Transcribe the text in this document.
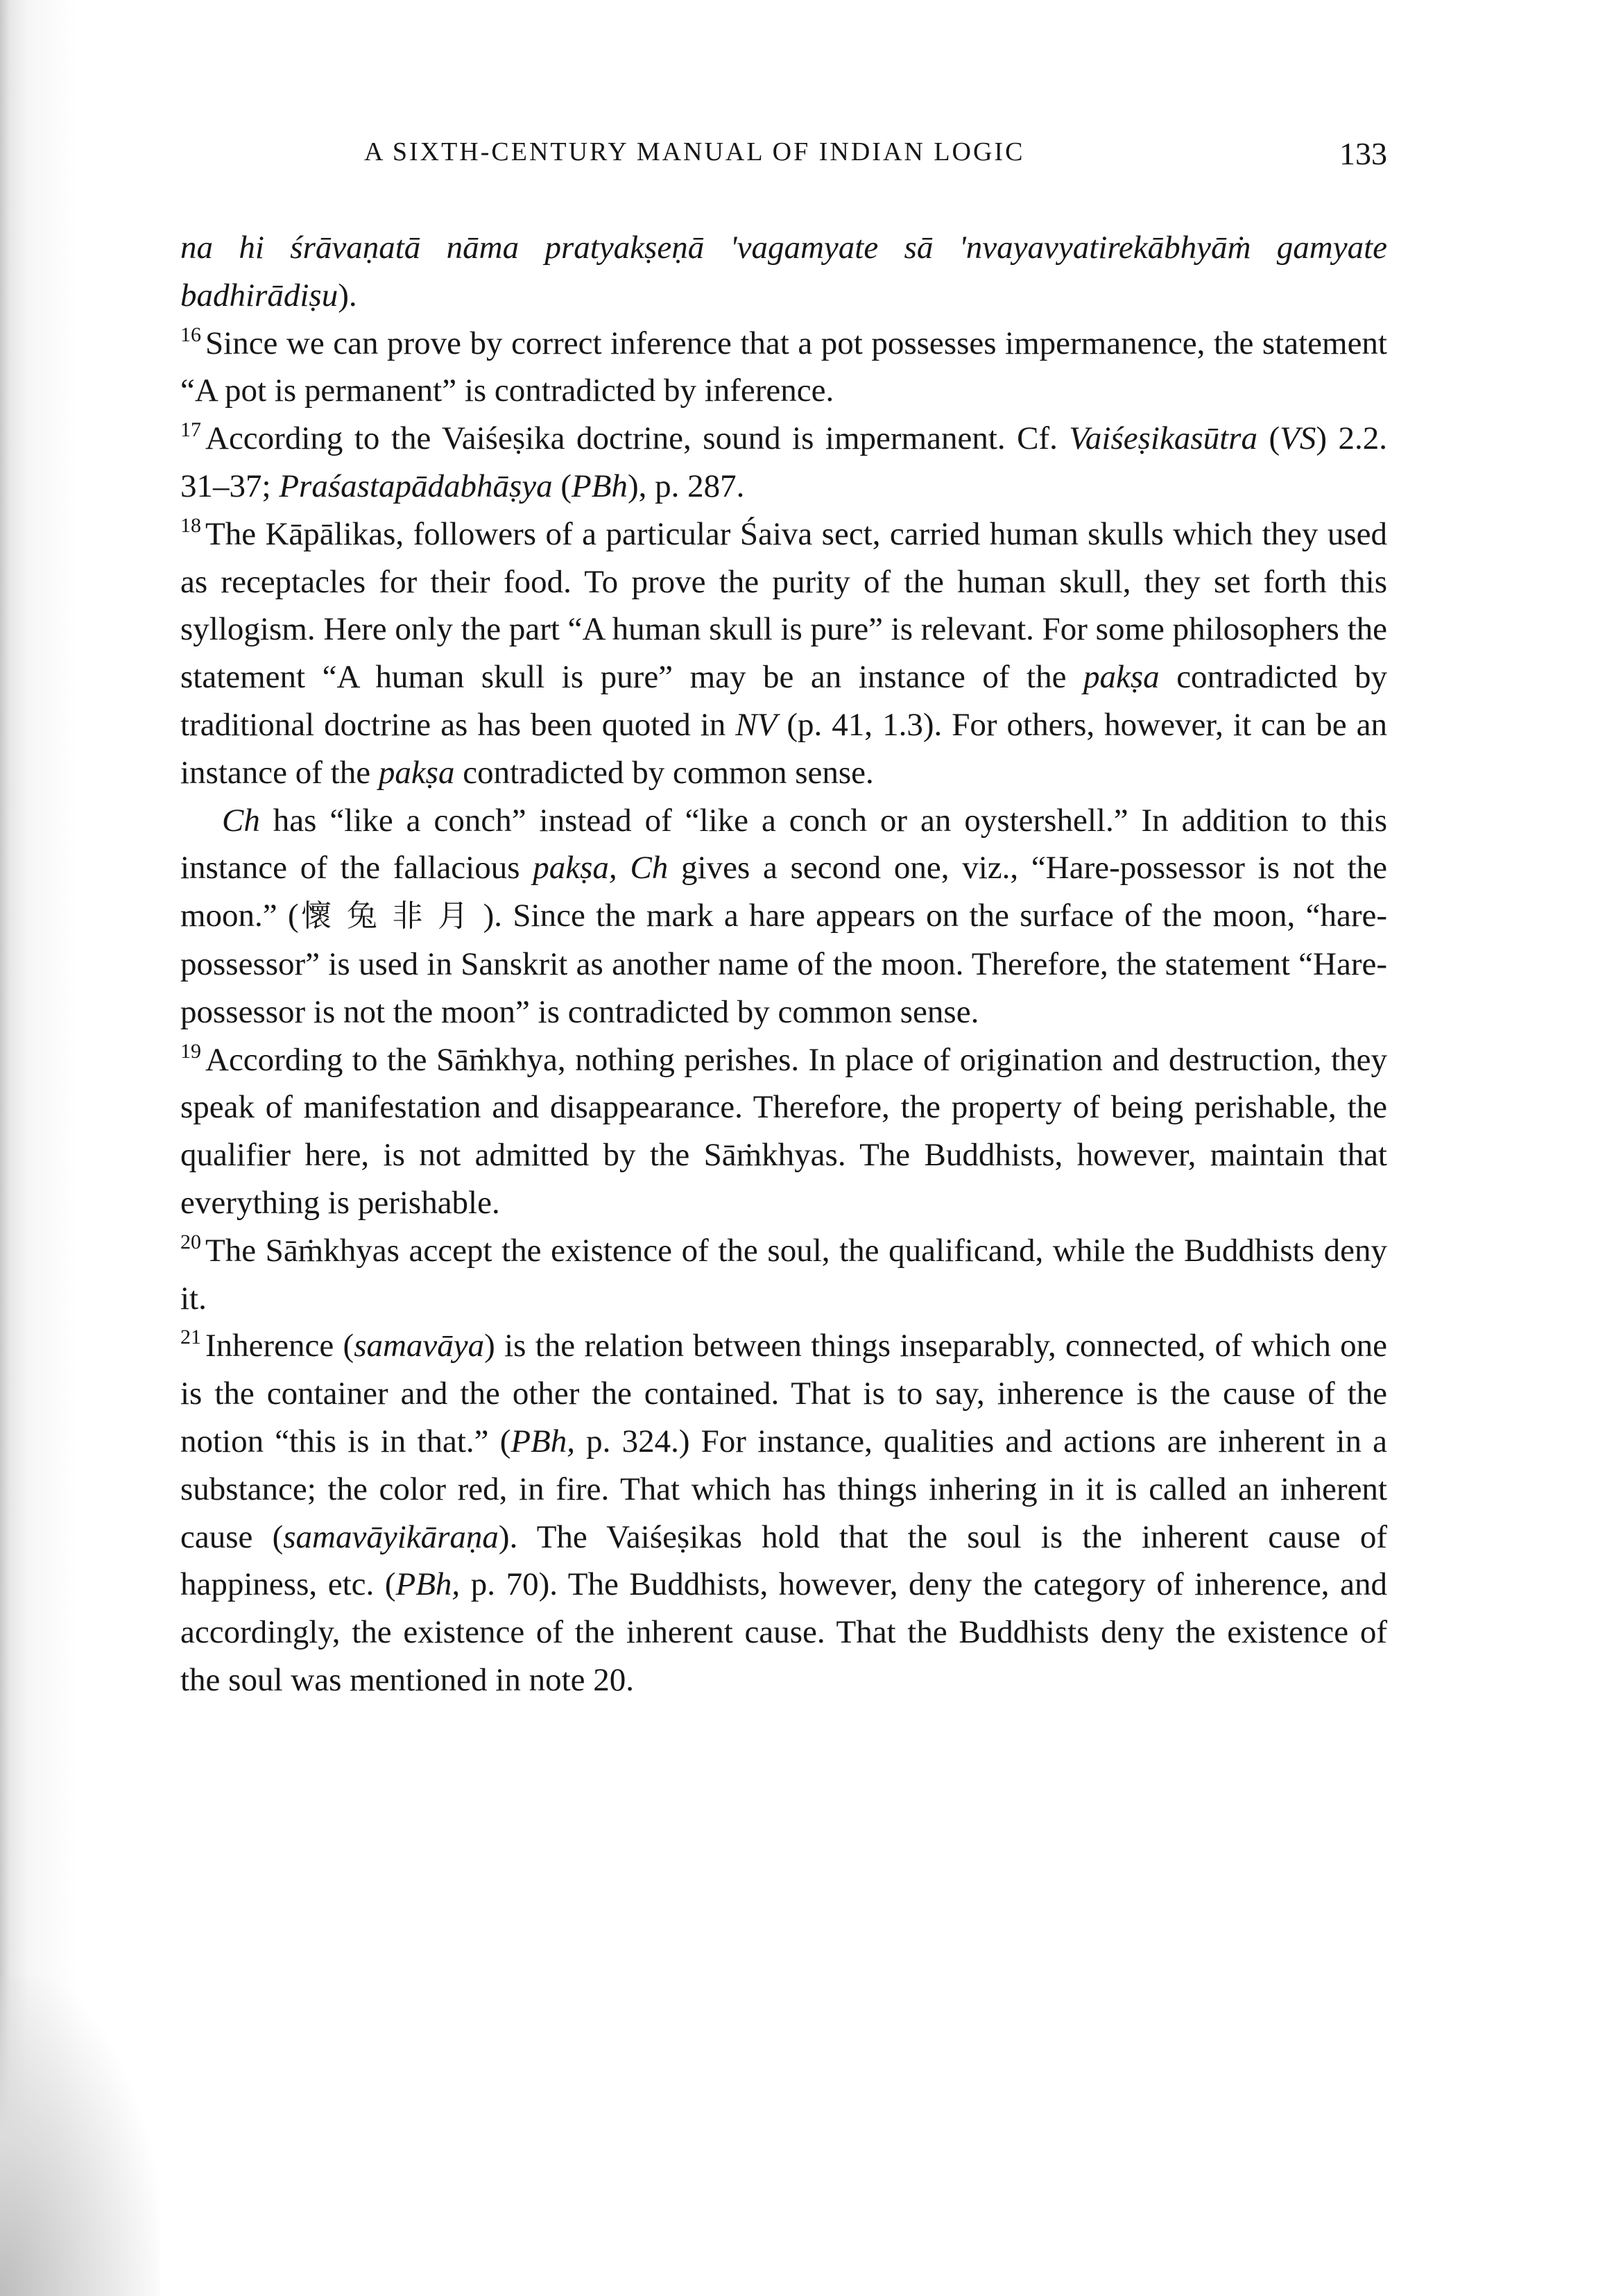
A SIXTH-CENTURY MANUAL OF INDIAN LOGIC	133

na hi śrāvaṇatā nāma pratyakṣeṇā 'vagamyate sā 'nvayavyatirekābhyāṁ gamyate badhirādiṣu).

$^{16}$ Since we can prove by correct inference that a pot possesses impermanence, the statement “A pot is permanent” is contradicted by inference.

$^{17}$ According to the Vaiśeṣika doctrine, sound is impermanent. Cf. Vaiśeṣikasūtra (VS) 2.2. 31–37; Praśastapādabhāṣya (PBh), p. 287.

$^{18}$ The Kāpālikas, followers of a particular Śaiva sect, carried human skulls which they used as receptacles for their food. To prove the purity of the human skull, they set forth this syllogism. Here only the part “A human skull is pure” is relevant. For some philosophers the statement “A human skull is pure” may be an instance of the pakṣa contradicted by traditional doctrine as has been quoted in NV (p. 41, 1.3). For others, however, it can be an instance of the pakṣa contradicted by common sense.

Ch has “like a conch” instead of “like a conch or an oystershell.” In addition to this instance of the fallacious pakṣa, Ch gives a second one, viz., “Hare-possessor is not the moon.” (懷兔非月). Since the mark a hare appears on the surface of the moon, “hare-possessor” is used in Sanskrit as another name of the moon. Therefore, the statement “Hare-possessor is not the moon” is contradicted by common sense.

$^{19}$ According to the Sāṁkhya, nothing perishes. In place of origination and destruction, they speak of manifestation and disappearance. Therefore, the property of being perishable, the qualifier here, is not admitted by the Sāṁkhyas. The Buddhists, however, maintain that everything is perishable.

$^{20}$ The Sāṁkhyas accept the existence of the soul, the qualificand, while the Buddhists deny it.

$^{21}$ Inherence (samavāya) is the relation between things inseparably, connected, of which one is the container and the other the contained. That is to say, inherence is the cause of the notion “this is in that.” (PBh, p. 324.) For instance, qualities and actions are inherent in a substance; the color red, in fire. That which has things inhering in it is called an inherent cause (samavāyikāraṇa). The Vaiśeṣikas hold that the soul is the inherent cause of happiness, etc. (PBh, p. 70). The Buddhists, however, deny the category of inherence, and accordingly, the existence of the inherent cause. That the Buddhists deny the existence of the soul was mentioned in note 20.
